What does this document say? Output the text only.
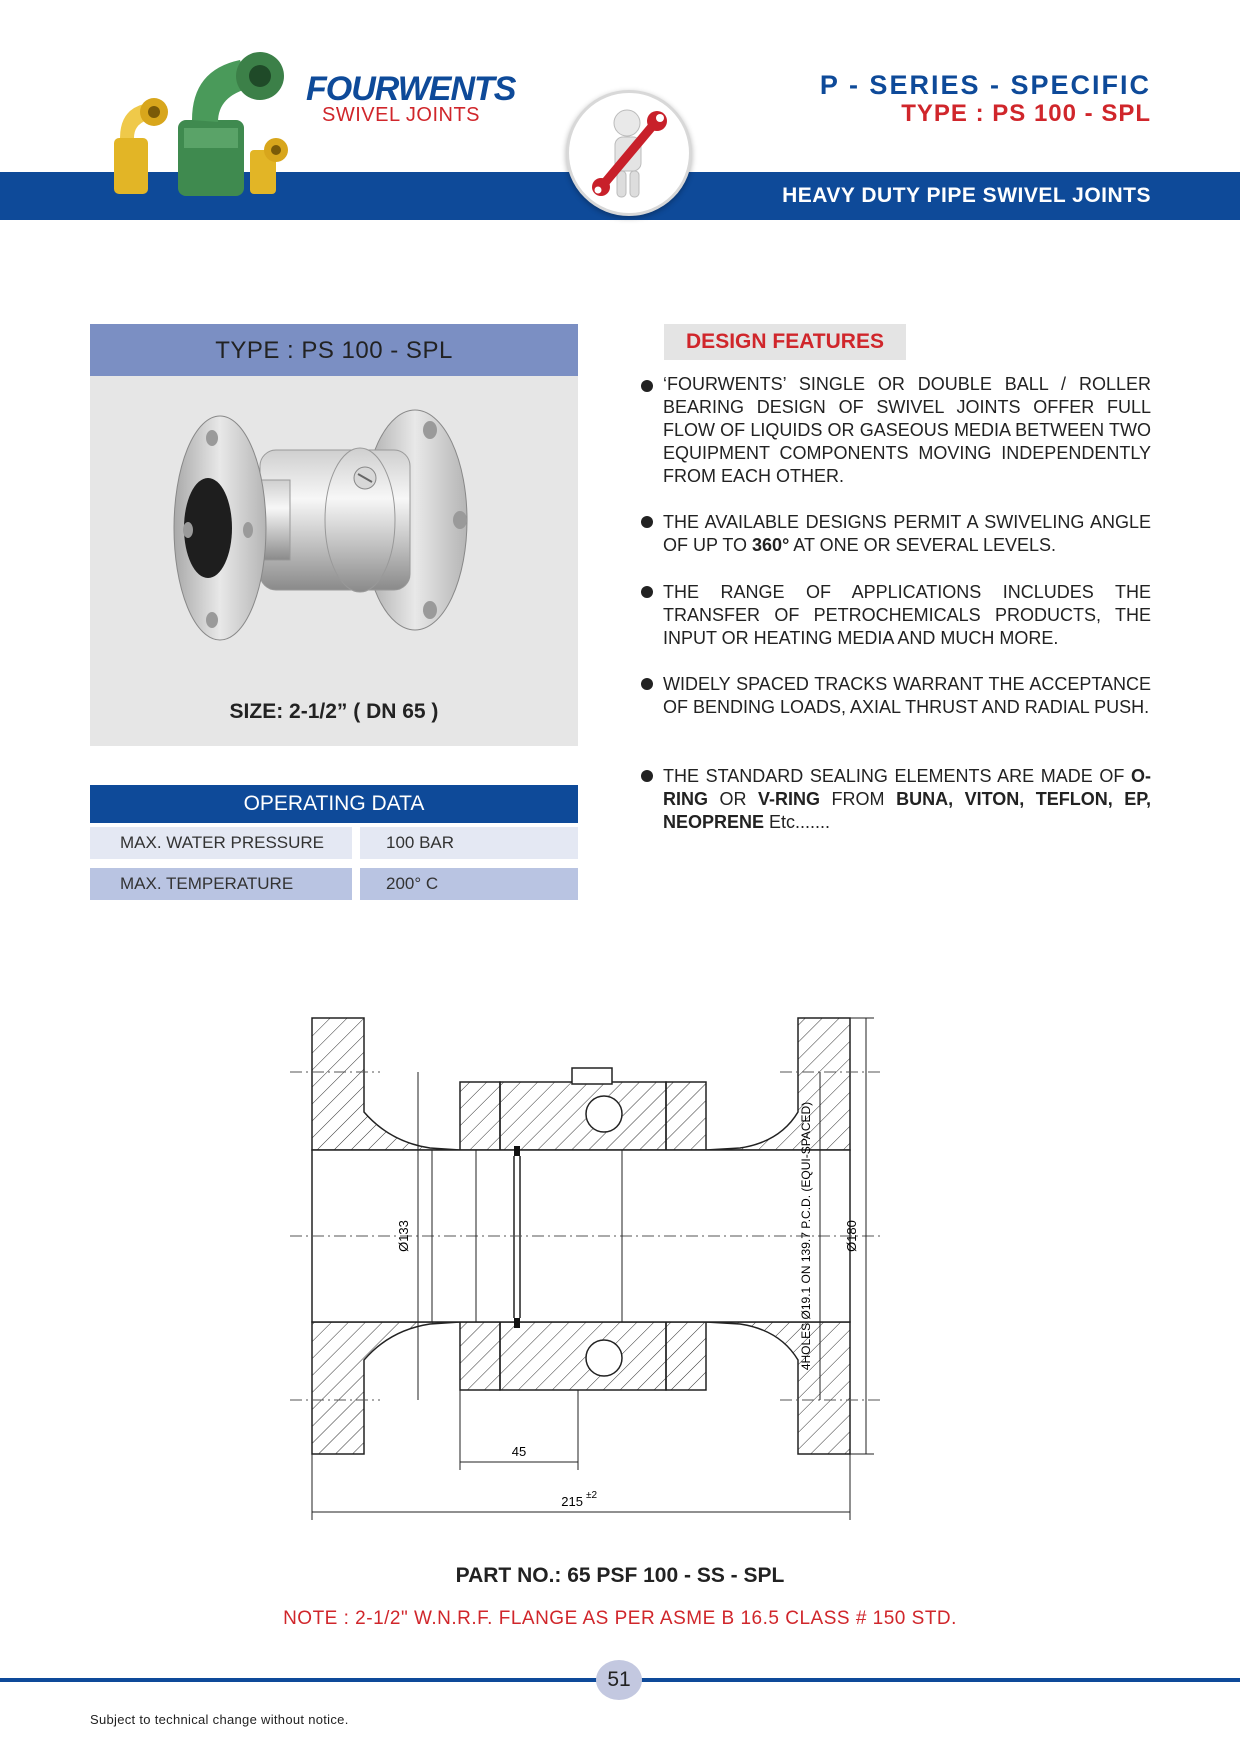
HEAVY DUTY PIPE SWIVEL JOINTS
FOURWENTS
SWIVEL JOINTS
P - SERIES - SPECIFIC
TYPE : PS 100 - SPL
TYPE : PS 100 - SPL
SIZE: 2-1/2” ( DN 65 )
OPERATING DATA
MAX. WATER PRESSURE	100 BAR
MAX. TEMPERATURE	200° C
DESIGN FEATURES
‘FOURWENTS’ SINGLE OR DOUBLE BALL / ROLLER BEARING DESIGN OF SWIVEL JOINTS OFFER FULL FLOW OF LIQUIDS OR GASEOUS MEDIA BETWEEN TWO EQUIPMENT COMPONENTS MOVING INDEPENDENTLY FROM EACH OTHER.
THE AVAILABLE DESIGNS PERMIT A SWIVELING ANGLE OF UP TO 360° AT ONE OR SEVERAL LEVELS.
THE RANGE OF APPLICATIONS INCLUDES THE TRANSFER OF PETROCHEMICALS PRODUCTS, THE INPUT OR HEATING MEDIA AND MUCH MORE.
WIDELY SPACED TRACKS WARRANT THE ACCEPTANCE OF BENDING LOADS, AXIAL THRUST AND RADIAL PUSH.
THE STANDARD SEALING ELEMENTS ARE MADE OF O-RING OR V-RING FROM BUNA, VITON, TEFLON, EP, NEOPRENE Etc.......
Ø133	4HOLES Ø19.1 ON 139.7 P.C.D. (EQUI-SPACED) Ø180
45
215 ±2
PART NO.: 65 PSF 100 - SS - SPL
NOTE : 2-1/2" W.N.R.F. FLANGE AS PER ASME B 16.5 CLASS # 150 STD.
51
Subject to technical change without notice.
